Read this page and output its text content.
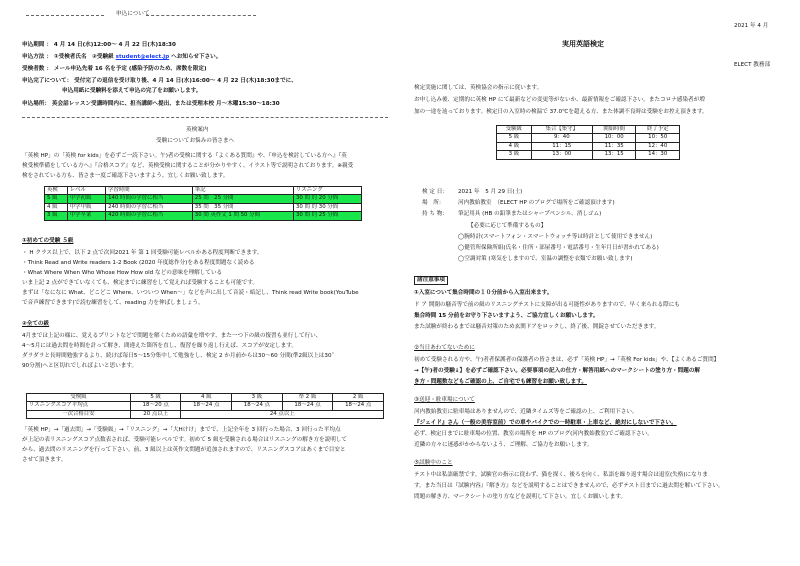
申込について
申込期間 ： 4 月 14 日(水)12:00～ 4 月 22 日(木)18:30
申込方法 ： ①受検者氏名　②受験級 student@elect.jp へお知らせ下さい。
受検者数 ： メール申込先着 16 名を予定 (感染予防のため、席数を限定)
申込完了について： 受付完了の返信を受け取り後、4 月 14 日(水)16:00～ 4 月 22 日(木)18:30までに、
申込用紙に受験料を添えて申込の完了をお願いします。
申込場所： 英会話レッスン受講時間内に、担当講師へ提出、または受理本校 月～木曜15:30～18:30
英検案内
受験についてお悩みの皆さまへ
「英検 HP」の「英検 for kids」を必ずご一読下さい。午)者の受検に関する『よくある質問』や、『申込を検討している方へ』『英
検受検準備をしている方へ』『合格スコア』など、英検受検に関することが分かりやすく、イラスト等で説明されております。※親受
検をされている方も、皆さま一度ご確認下さいますよう、宜しくお願い致します。
英検	レベル	学習時間	筆記	リスニング
5 級	中学初級	140 時間の学習に相当	25 問　25 分間	30 問 約 20 分間
4 級	中学中級	240 時間の学習に相当	35 問　35 分間	30 問 約 30 分間
3 級	中学卒業	420 時間の学習に相当	30 問 英作文 1 問 50 分間	30 問 約 25 分間
①初めての受験 ５級
・ H クラス以上で、以下 2 点で次回2021 年 第 1 回受験可能レベルかある程度判断できます。
・Think Read and Write readers 1-2 Book (2020 年度総作分)をある程度問題なく読める
・What Where When Who Whose How How old などの意味を理解している
いま上記 2 点ができていなくても、検定までに練習をして覚えれば受験することも可能です。
まずは「なになに What、どこどこ Where、いついつ When～」などを声に出して音読・暗記し、Think read Write book(YouTube
で音声練習できます)で読む練習をして、reading 力を伸ばしましょう。
②全ての級
4月までは上記の様に、覚えるプリントなどで問題を解くための語彙を増やす、また一つ下の級の復習も並行して行い、
4～5月には過去問を時間を計って解き、間違えた箇所を直し、復習を繰り返し行えば、スコアが安定します。
ダラダラと長時間勉強するより、続けば毎日5～15分集中して勉強をし、検定 2 か月前からは30～60 分間(準2級以上は30˜
90分割)へと区切れでしればよいと思います。
受検級	5 級	4 級	3 級	準 2 級	2 級
リスニングスコア平均点	18～20 点	18～24 点	18～24 点	18～24 点	18～24 点
一次合格目安	20 点以上	24 点以上			
「英検 HP」→「過去問」→「受験級」→「リスニング」→「大Hけけ」までで、上記全年を 3 回行った場合、3 回行った平均点
が上記の表リスニングスコア点数表されば、受験可能レベルです。初めて 5 級を受験される場合はリスニングの解き方を説明して
から、過去問のリスニングを行って下さい。前、3 級以上は英作文問題が追加されますので、リスニングスコアはあくまで目安と
させて頂きます。
2021 年 4 月
実用英語検定
ELECT 教務部
検定実施に関しては、英検協会の指示に従います。
お申し込み後、定期的に英検 HP にて最新などの変更等がないか、最新情報をご確認下さい。またコロナ感染者が増
加の一途を辿っております。検定日の入室時の検温で 37.0℃を超える方、また体調不良時は受験をお控え頂きます。
受験級	集合【集守】	開始時間	終了予定
5 級	9：40	10：00	10：50
4 級	11：15	11：35	12：40
3 級	13：00	13：15	14：30
検 定 日： 2021 年　5 月 29 日(土)
場　所： 河内教始教室　（ELECT HP のブログで場所をご確認頂けます)
持 ち 物： 筆記用具 (HB の鉛筆またはシャープペンシル、消しゴム)
【必要に応じて準備するもの】
◯腕時計(スマートフォン・スマートウォッチ等は時計として使用できません)
◯健管所保険所組(氏名・住所・部屋番号・電話番号・生年月日が書かれてある)
◯空調対策 (寒気をしますので、室温の調整を衣類でお願い致します)
諸注意事項
①入室について集合時間の１０分前から入室出来ます。
ド ア 開閉の騒音等で前の級のリスニングテストに支障が出る可能性がありますので、早く来られる際にも
集合時間 15 分前をお守り下さいますよう、ご協力宜しくお願いします。
また試験が終わるまでは騒音対策のため玄関ドアをロックし、終了後、開錠させていただきます。
②当日あわてないために
初めて受験される方や、午)者者保護者の保護者の皆さまは、必ず「英検 HP」→「英検 For kids」や、【よくあるご質問】
→【午)者の受験↓】を必ずご確認下さい。必要事項の記入の仕方・解答用紙へのマークシートの塗り方・問題の解
き方・問題数などもご確認の上、ご自宅でも練習をお願い致します。
③送迎・駐車場について
河内教始教室に駐車場はありませんので、近隣タイムズ等をご確認の上、ご利用下さい。
『ジェイド』さん（一般の美容室前）での車やバイクでの一時駐車・上車など、絶対にしないで下さい。
必ず、検定日までに駐車場の位置、教室の場所を HP のブログ(河内教始教室)でご確認下さい。
近隣の方々に迷惑がかからないよう、ご理解、ご協力をお願いします。
⑤試験中のこと
テスト中は私語厳禁です。試験官の指示に従わず、猫を探く、後ろを向く、私語を繰り返す場合は退室(失格)になりま
す。また当日は『試験内容』『解き方』などを説明することはできませんので、必ずテスト日までに過去問を解いて下さい。
問題の解き方、マークシートの塗り方などを説明して下さい。宜しくお願いします。
